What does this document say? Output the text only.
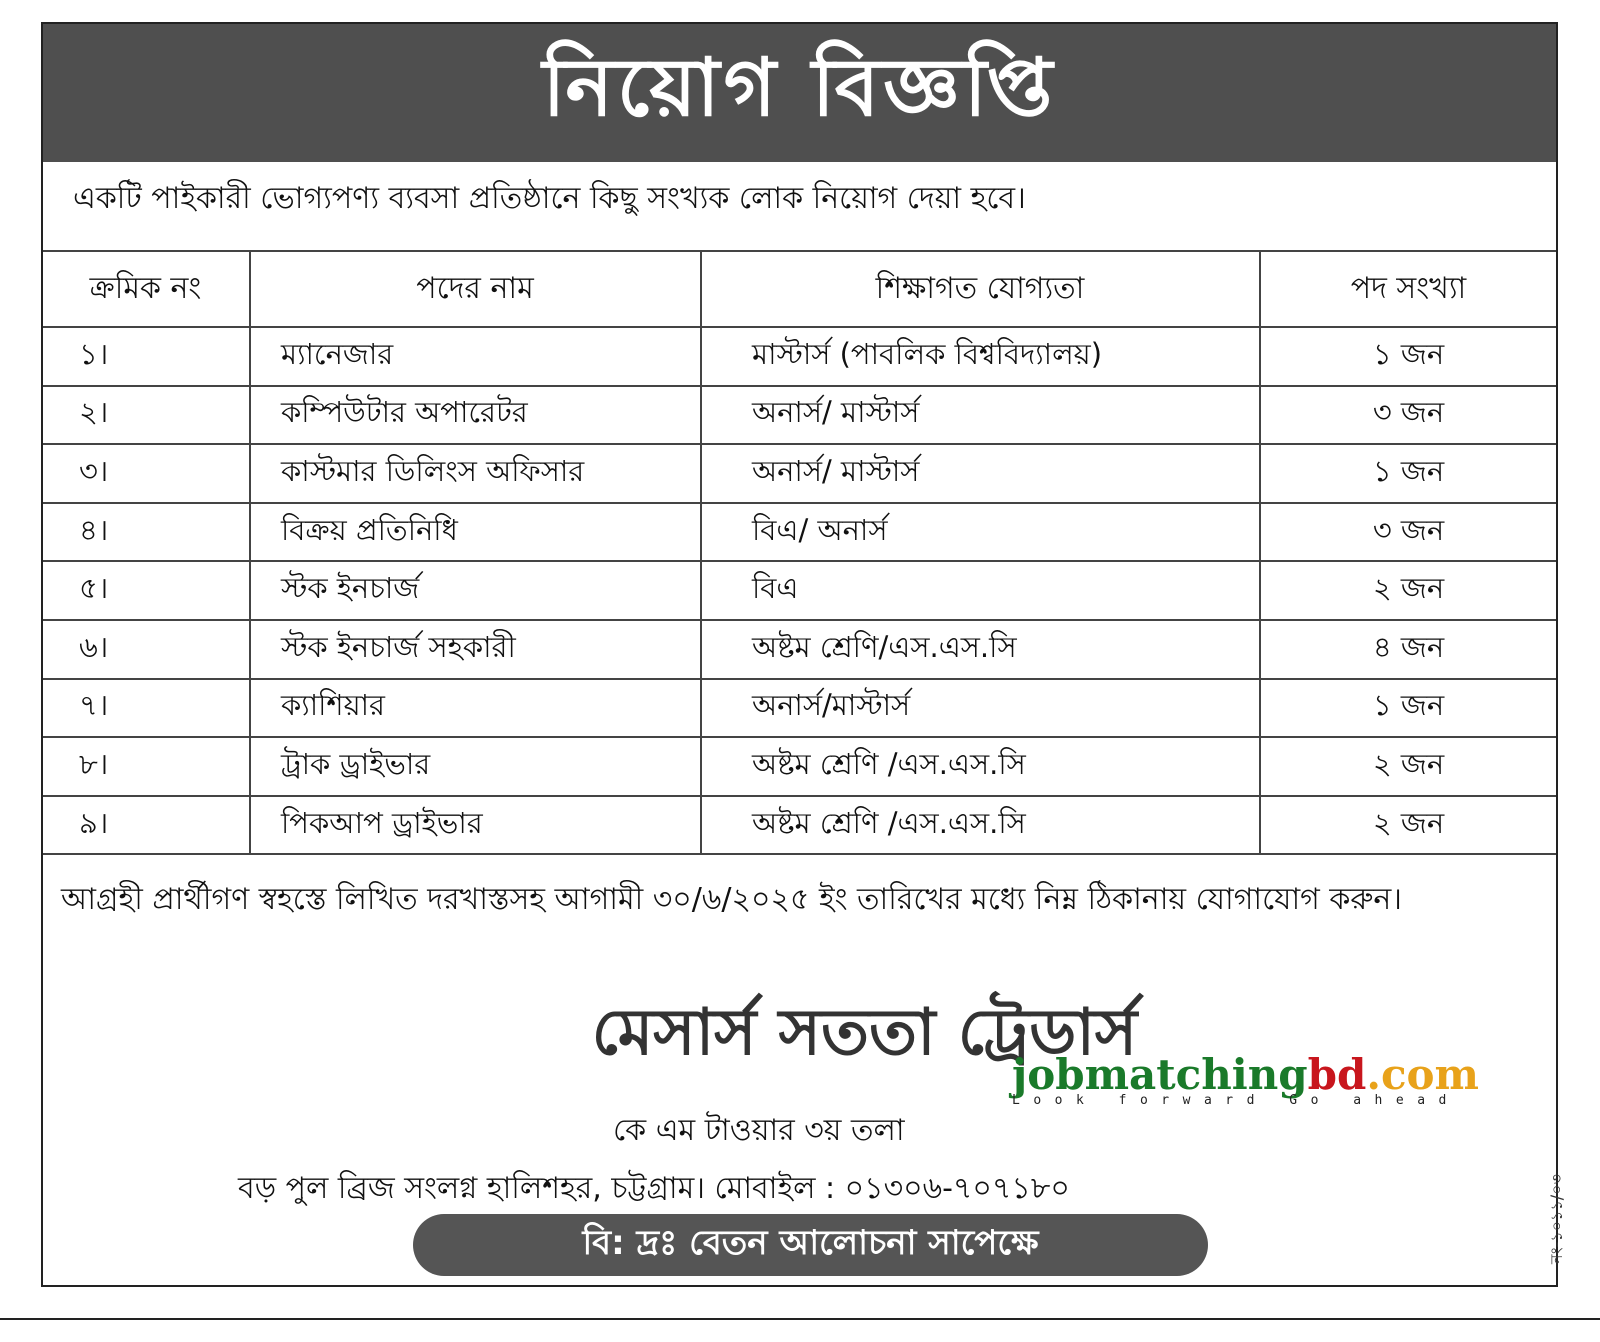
নিয়োগ বিজ্ঞপ্তি
একটি পাইকারী ভোগ্যপণ্য ব্যবসা প্রতিষ্ঠানে কিছু সংখ্যক লোক নিয়োগ দেয়া হবে।
ক্রমিক নং	পদের নাম	শিক্ষাগত যোগ্যতা	পদ সংখ্যা
১।	ম্যানেজার	মাস্টার্স (পাবলিক বিশ্ববিদ্যালয়)	১ জন
২।	কম্পিউটার অপারেটর	অনার্স/ মাস্টার্স	৩ জন
৩।	কাস্টমার ডিলিংস অফিসার	অনার্স/ মাস্টার্স	১ জন
৪।	বিক্রয় প্রতিনিধি	বিএ/ অনার্স	৩ জন
৫।	স্টক ইনচার্জ	বিএ	২ জন
৬।	স্টক ইনচার্জ সহকারী	অষ্টম শ্রেণি/এস.এস.সি	৪ জন
৭।	ক্যাশিয়ার	অনার্স/মাস্টার্স	১ জন
৮।	ট্রাক ড্রাইভার	অষ্টম শ্রেণি /এস.এস.সি	২ জন
৯।	পিকআপ ড্রাইভার	অষ্টম শ্রেণি /এস.এস.সি	২ জন
আগ্রহী প্রার্থীগণ স্বহস্তে লিখিত দরখাস্তসহ আগামী ৩০/৬/২০২৫ ইং তারিখের মধ্যে নিম্ন ঠিকানায় যোগাযোগ করুন।
মেসার্স সততা ট্রেডার্স
কে এম টাওয়ার ৩য় তলা
বড় পুল ব্রিজ সংলগ্ন হালিশহর, চট্টগ্রাম। মোবাইল : ০১৩০৬-৭০৭১৮০
বি: দ্রঃ বেতন আলোচনা সাপেক্ষে	নং-১০১১/০৩
jobmatchingbd.com
Look forward Go ahead
